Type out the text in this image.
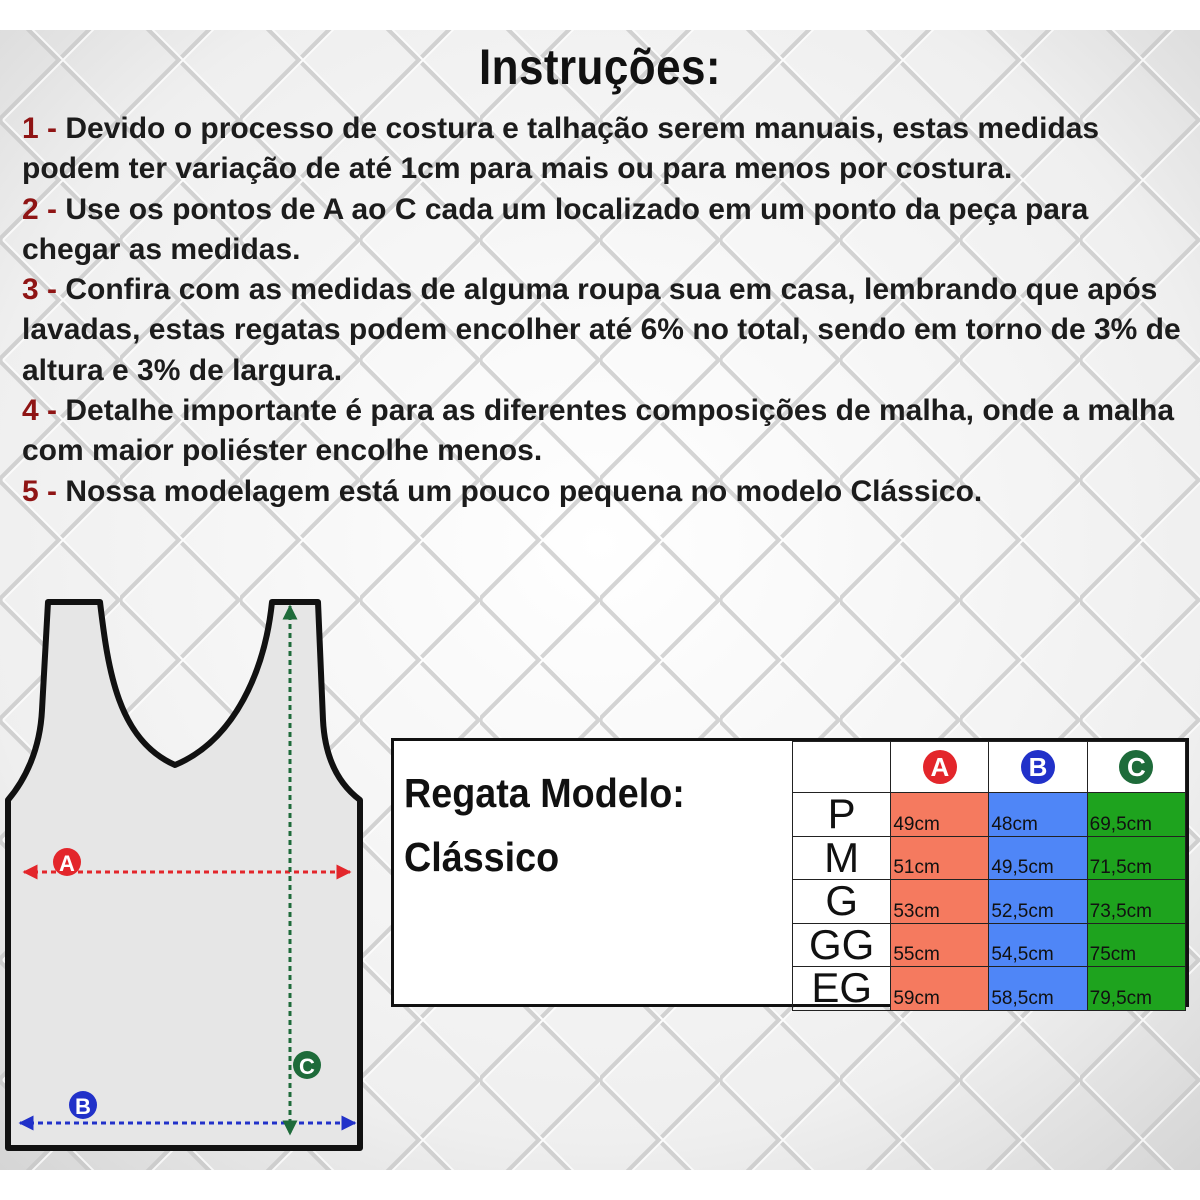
Instruções:
1 - Devido o processo de costura e talhação serem manuais, estas medidas podem ter variação de até 1cm para mais ou para menos por costura.
2 - Use os pontos de A ao C cada um localizado em um ponto da peça para chegar as medidas.
3 - Confira com as medidas de alguma roupa sua em casa, lembrando que após lavadas, estas regatas podem encolher até 6% no total, sendo em torno de 3% de altura e 3% de largura.
4 - Detalhe importante é para as diferentes composições de malha, onde a malha com maior poliéster encolhe menos.
5 - Nossa modelagem está um pouco pequena no modelo Clássico.
A
B
C
Regata Modelo:
Clássico
	A	B	C
P	49cm	48cm	69,5cm
M	51cm	49,5cm	71,5cm
G	53cm	52,5cm	73,5cm
GG	55cm	54,5cm	75cm
EG	59cm	58,5cm	79,5cm
